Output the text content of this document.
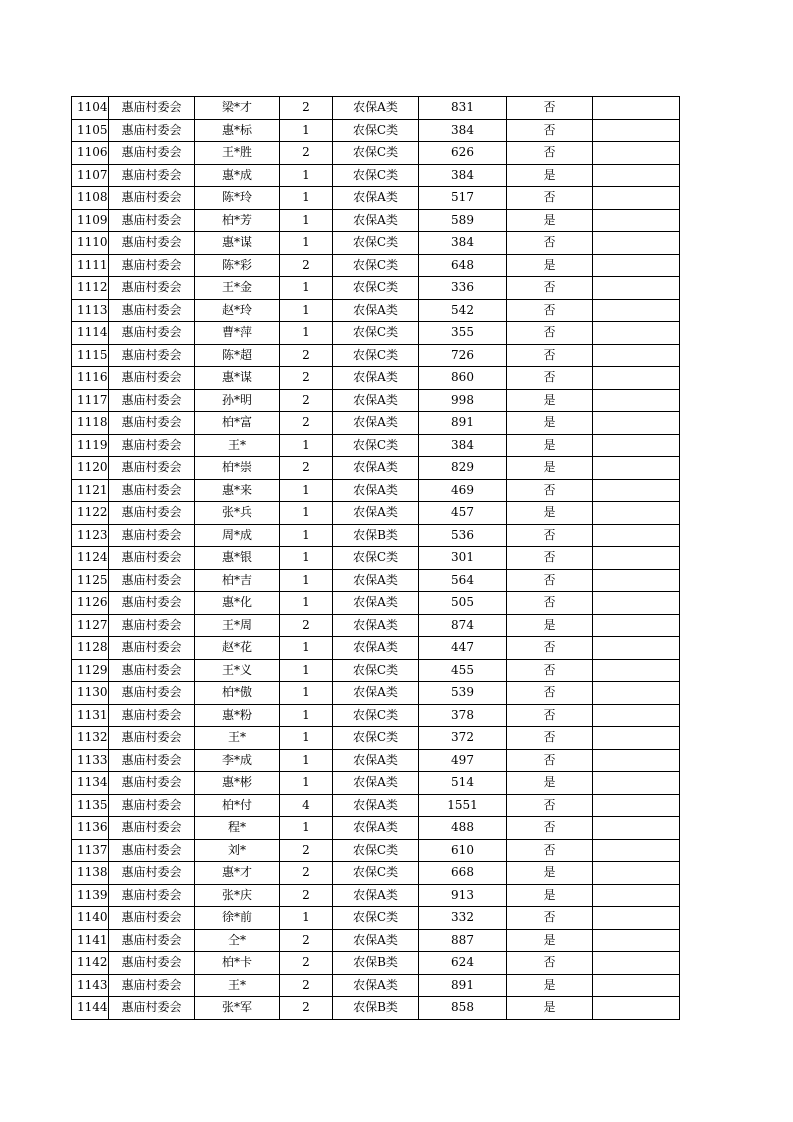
1104	惠庙村委会	梁*才	2	农保A类	831	否	
1105	惠庙村委会	惠*标	1	农保C类	384	否	
1106	惠庙村委会	王*胜	2	农保C类	626	否	
1107	惠庙村委会	惠*成	1	农保C类	384	是	
1108	惠庙村委会	陈*玲	1	农保A类	517	否	
1109	惠庙村委会	柏*芳	1	农保A类	589	是	
1110	惠庙村委会	惠*谋	1	农保C类	384	否	
1111	惠庙村委会	陈*彩	2	农保C类	648	是	
1112	惠庙村委会	王*金	1	农保C类	336	否	
1113	惠庙村委会	赵*玲	1	农保A类	542	否	
1114	惠庙村委会	曹*萍	1	农保C类	355	否	
1115	惠庙村委会	陈*超	2	农保C类	726	否	
1116	惠庙村委会	惠*谋	2	农保A类	860	否	
1117	惠庙村委会	孙*明	2	农保A类	998	是	
1118	惠庙村委会	柏*富	2	农保A类	891	是	
1119	惠庙村委会	王*	1	农保C类	384	是	
1120	惠庙村委会	柏*崇	2	农保A类	829	是	
1121	惠庙村委会	惠*来	1	农保A类	469	否	
1122	惠庙村委会	张*兵	1	农保A类	457	是	
1123	惠庙村委会	周*成	1	农保B类	536	否	
1124	惠庙村委会	惠*银	1	农保C类	301	否	
1125	惠庙村委会	柏*吉	1	农保A类	564	否	
1126	惠庙村委会	惠*化	1	农保A类	505	否	
1127	惠庙村委会	王*周	2	农保A类	874	是	
1128	惠庙村委会	赵*花	1	农保A类	447	否	
1129	惠庙村委会	王*义	1	农保C类	455	否	
1130	惠庙村委会	柏*傲	1	农保A类	539	否	
1131	惠庙村委会	惠*粉	1	农保C类	378	否	
1132	惠庙村委会	王*	1	农保C类	372	否	
1133	惠庙村委会	李*成	1	农保A类	497	否	
1134	惠庙村委会	惠*彬	1	农保A类	514	是	
1135	惠庙村委会	柏*付	4	农保A类	1551	否	
1136	惠庙村委会	程*	1	农保A类	488	否	
1137	惠庙村委会	刘*	2	农保C类	610	否	
1138	惠庙村委会	惠*才	2	农保C类	668	是	
1139	惠庙村委会	张*庆	2	农保A类	913	是	
1140	惠庙村委会	徐*前	1	农保C类	332	否	
1141	惠庙村委会	仝*	2	农保A类	887	是	
1142	惠庙村委会	柏*卡	2	农保B类	624	否	
1143	惠庙村委会	王*	2	农保A类	891	是	
1144	惠庙村委会	张*军	2	农保B类	858	是	
